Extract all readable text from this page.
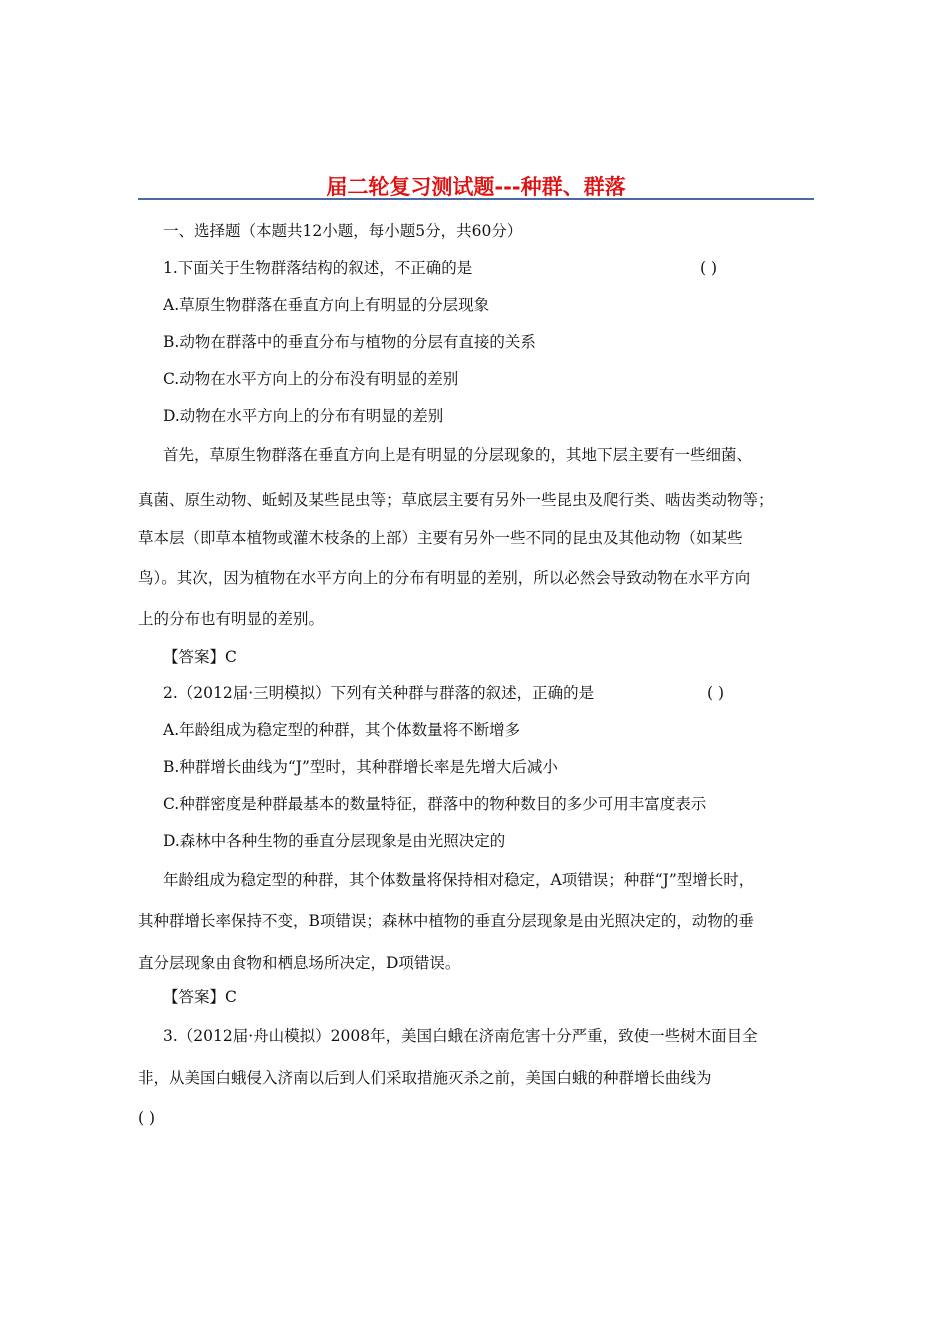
届二轮复习测试题---种群、群落
一、选择题（本题共12小题，每小题5分，共60分）
1.下面关于生物群落结构的叙述，不正确的是	( )
A.草原生物群落在垂直方向上有明显的分层现象
B.动物在群落中的垂直分布与植物的分层有直接的关系
C.动物在水平方向上的分布没有明显的差别
D.动物在水平方向上的分布有明显的差别
首先，草原生物群落在垂直方向上是有明显的分层现象的，其地下层主要有一些细菌、
真菌、原生动物、蚯蚓及某些昆虫等；草底层主要有另外一些昆虫及爬行类、啮齿类动物等；
草本层（即草本植物或灌木枝条的上部）主要有另外一些不同的昆虫及其他动物（如某些
鸟）。其次，因为植物在水平方向上的分布有明显的差别，所以必然会导致动物在水平方向
上的分布也有明显的差别。
【答案】C
2.（2012届·三明模拟）下列有关种群与群落的叙述，正确的是	( )
A.年龄组成为稳定型的种群，其个体数量将不断增多
B.种群增长曲线为“J”型时，其种群增长率是先增大后减小
C.种群密度是种群最基本的数量特征，群落中的物种数目的多少可用丰富度表示
D.森林中各种生物的垂直分层现象是由光照决定的
年龄组成为稳定型的种群，其个体数量将保持相对稳定，A项错误；种群“J”型增长时，
其种群增长率保持不变，B项错误；森林中植物的垂直分层现象是由光照决定的，动物的垂
直分层现象由食物和栖息场所决定，D项错误。
【答案】C
3.（2012届·舟山模拟）2008年，美国白蛾在济南危害十分严重，致使一些树木面目全
非，从美国白蛾侵入济南以后到人们采取措施灭杀之前，美国白蛾的种群增长曲线为
( )
